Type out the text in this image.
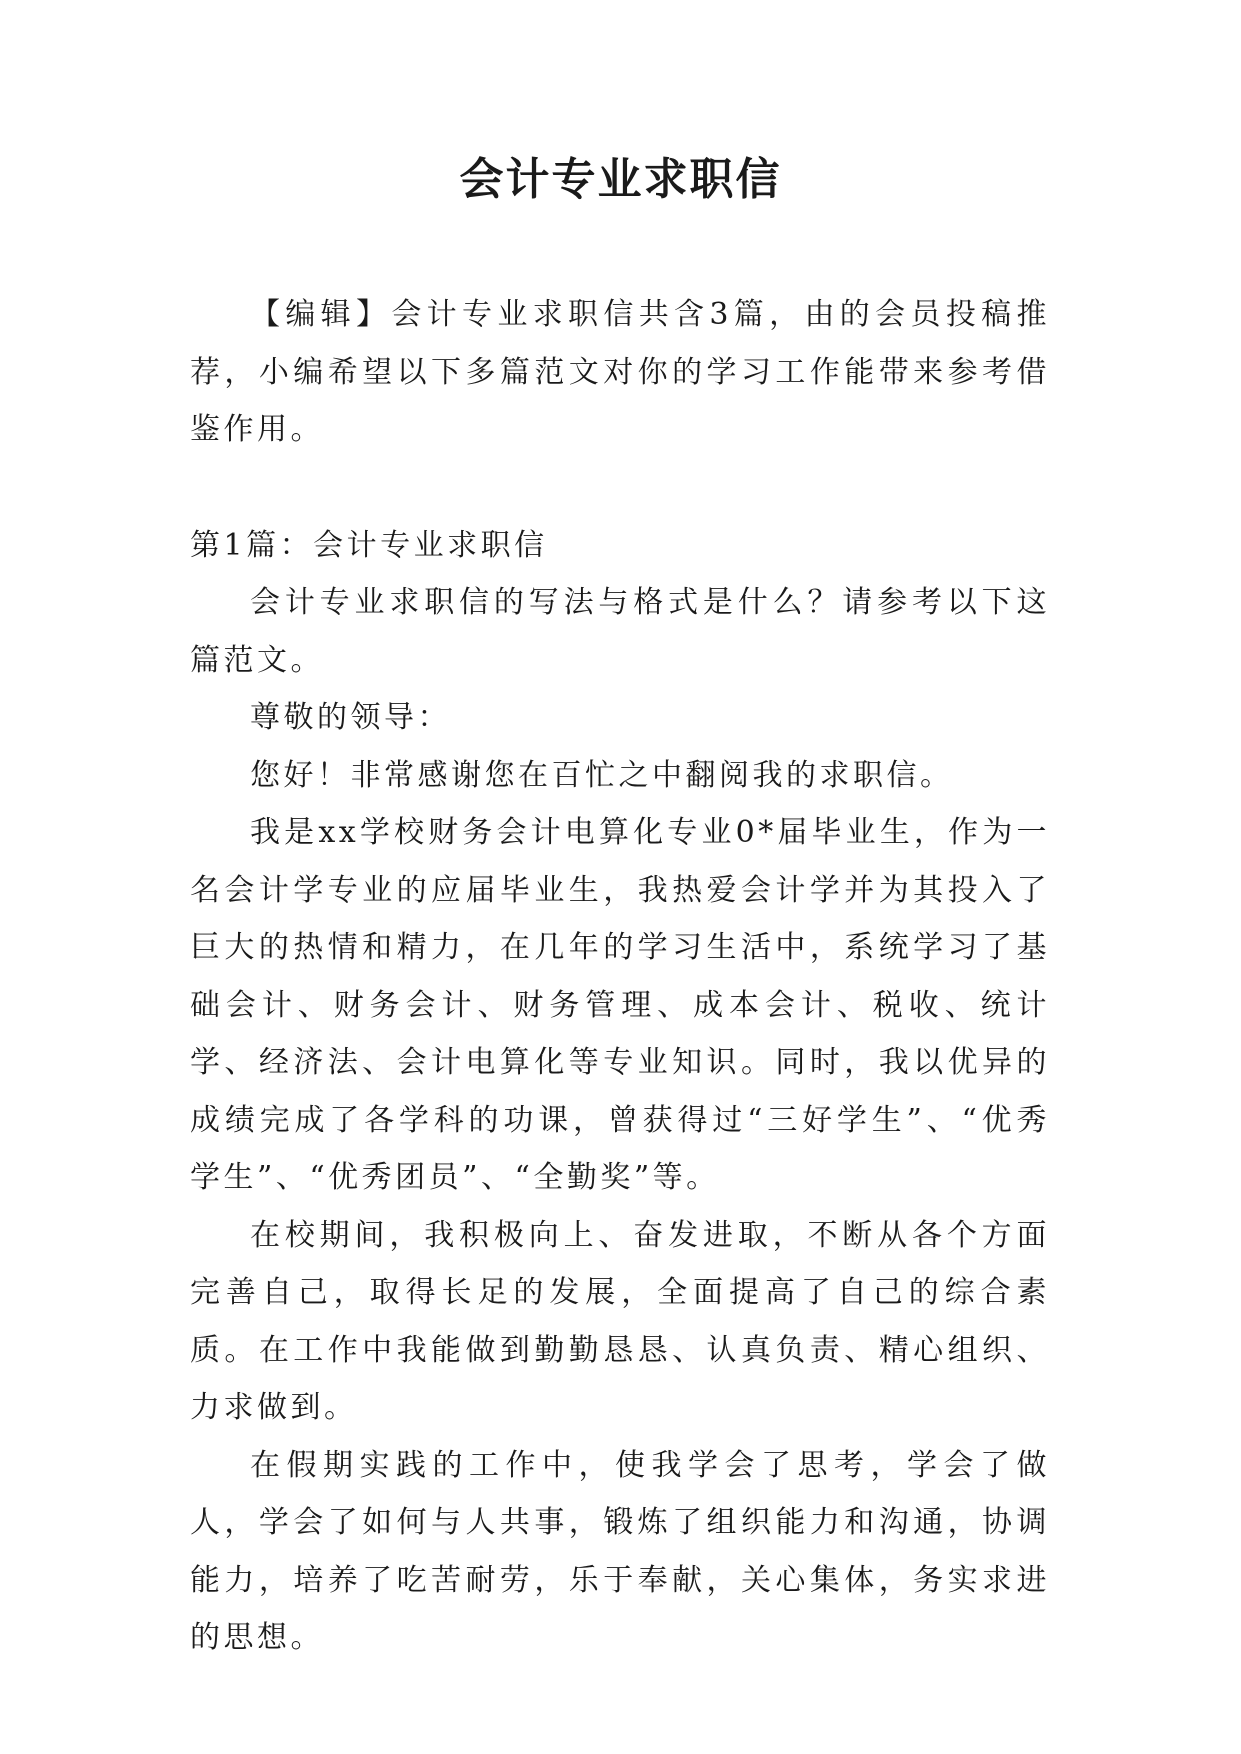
会计专业求职信

【编辑】会计专业求职信共含3篇，由的会员投稿推荐，小编希望以下多篇范文对你的学习工作能带来参考借鉴作用。

第1篇：会计专业求职信

会计专业求职信的写法与格式是什么？请参考以下这篇范文。

尊敬的领导：

您好！非常感谢您在百忙之中翻阅我的求职信。

我是xx学校财务会计电算化专业0*届毕业生，作为一名会计学专业的应届毕业生，我热爱会计学并为其投入了巨大的热情和精力，在几年的学习生活中，系统学习了基础会计、财务会计、财务管理、成本会计、税收、统计学、经济法、会计电算化等专业知识。同时，我以优异的成绩完成了各学科的功课，曾获得过“三好学生”、“优秀学生”、“优秀团员”、“全勤奖”等。

在校期间，我积极向上、奋发进取，不断从各个方面完善自己，取得长足的发展，全面提高了自己的综合素质。在工作中我能做到勤勤恳恳、认真负责、精心组织、力求做到。

在假期实践的工作中，使我学会了思考，学会了做人，学会了如何与人共事，锻炼了组织能力和沟通，协调能力，培养了吃苦耐劳，乐于奉献，关心集体，务实求进的思想。
